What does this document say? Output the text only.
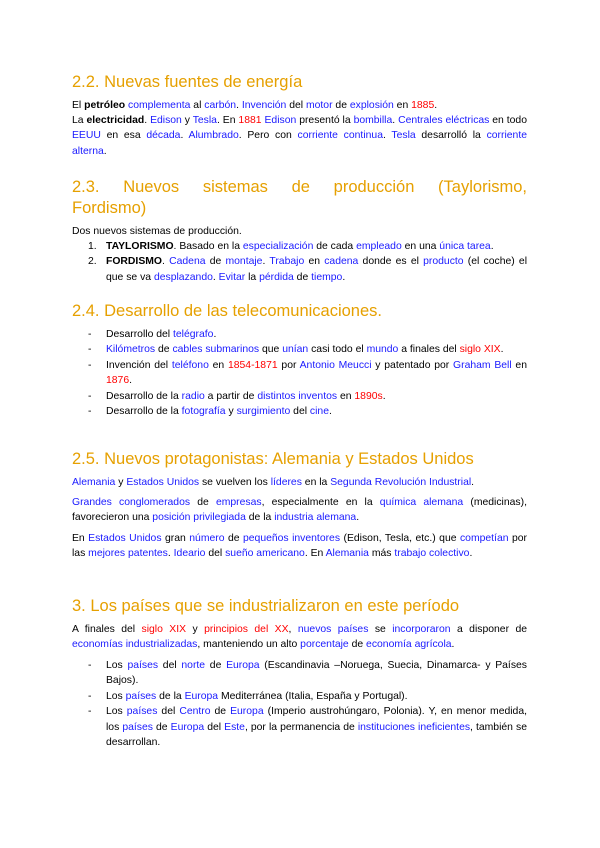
2.2. Nuevas fuentes de energía

El petróleo complementa al carbón. Invención del motor de explosión en 1885.

La electricidad. Edison y Tesla. En 1881 Edison presentó la bombilla. Centrales eléctricas en todo EEUU en esa década. Alumbrado. Pero con corriente continua. Tesla desarrolló la corriente alterna.

2.3. Nuevos sistemas de producción (Taylorismo,
Fordismo)

Dos nuevos sistemas de producción.

1. TAYLORISMO. Basado en la especialización de cada empleado en una única tarea.
2. FORDISMO. Cadena de montaje. Trabajo en cadena donde es el producto (el coche) el que se va desplazando. Evitar la pérdida de tiempo.
2.4. Desarrollo de las telecomunicaciones.
- Desarrollo del telégrafo.
- Kilómetros de cables submarinos que unían casi todo el mundo a finales del siglo XIX.
- Invención del teléfono en 1854-1871 por Antonio Meucci y patentado por Graham Bell en 1876.
- Desarrollo de la radio a partir de distintos inventos en 1890s.
- Desarrollo de la fotografía y surgimiento del cine.
2.5. Nuevos protagonistas: Alemania y Estados Unidos

Alemania y Estados Unidos se vuelven los líderes en la Segunda Revolución Industrial.

Grandes conglomerados de empresas, especialmente en la química alemana (medicinas), favorecieron una posición privilegiada de la industria alemana.

En Estados Unidos gran número de pequeños inventores (Edison, Tesla, etc.) que competían por las mejores patentes. Ideario del sueño americano. En Alemania más trabajo colectivo.

3. Los países que se industrializaron en este período

A finales del siglo XIX y principios del XX, nuevos países se incorporaron a disponer de economías industrializadas, manteniendo un alto porcentaje de economía agrícola.

- Los países del norte de Europa (Escandinavia –Noruega, Suecia, Dinamarca- y Países Bajos).
- Los países de la Europa Mediterránea (Italia, España y Portugal).
- Los países del Centro de Europa (Imperio austrohúngaro, Polonia). Y, en menor medida, los países de Europa del Este, por la permanencia de instituciones ineficientes, también se desarrollan.
